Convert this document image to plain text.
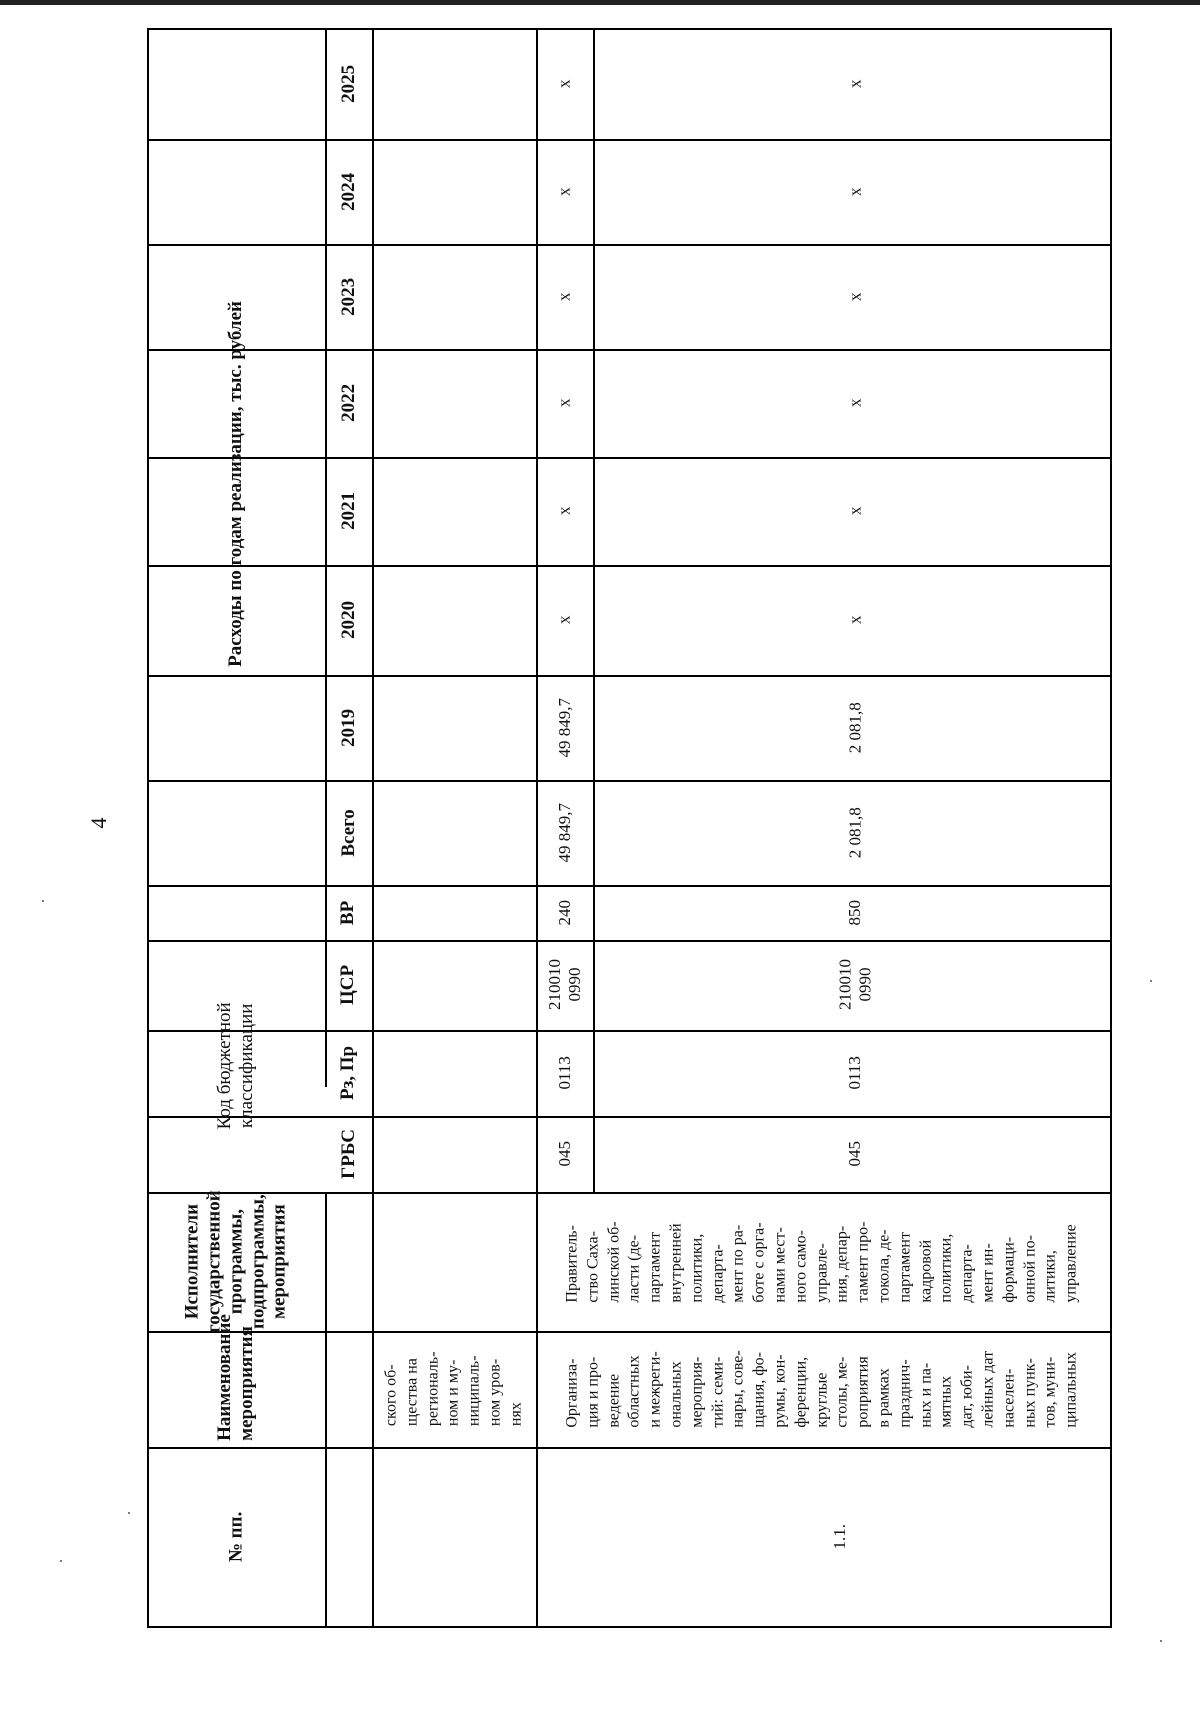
4
№ пп.
Наименование мероприятия
Исполнители государственной программы, подпрограммы, мероприятия
Код бюджетной классификации
Расходы по годам реализации, тыс. рублей
ГРБС
Рз, Пр
ЦСР
ВР
Всего
2019
2020
2021
2022
2023
2024
2025
045
0113
210010 0990
240
49 849,7
49 849,7
x
x
x
x
x
x
045
0113
210010 0990
850
2 081,8
2 081,8
x
x
x
x
x
x
1.1.
ского об- щества на региональ- ном и му- ниципаль- ном уров- нях	Организа- ция и про- ведение областных и межреги- ональных мероприя- тий: семи- нары, сове- щания, фо- румы, кон- ференции, круглые столы, ме- роприятия в рамках празднич- ных и па- мятных дат, юби- лейных дат населен- ных пунк- тов, муни- ципальных
Правитель- ство Саха- линской об- ласти (де- партамент внутренней политики, департа- мент по ра- боте с орга- нами мест- ного само- управле- ния, депар- тамент про- токола, де- партамент кадровой политики, департа- мент ин- формаци- онной по- литики, управление
